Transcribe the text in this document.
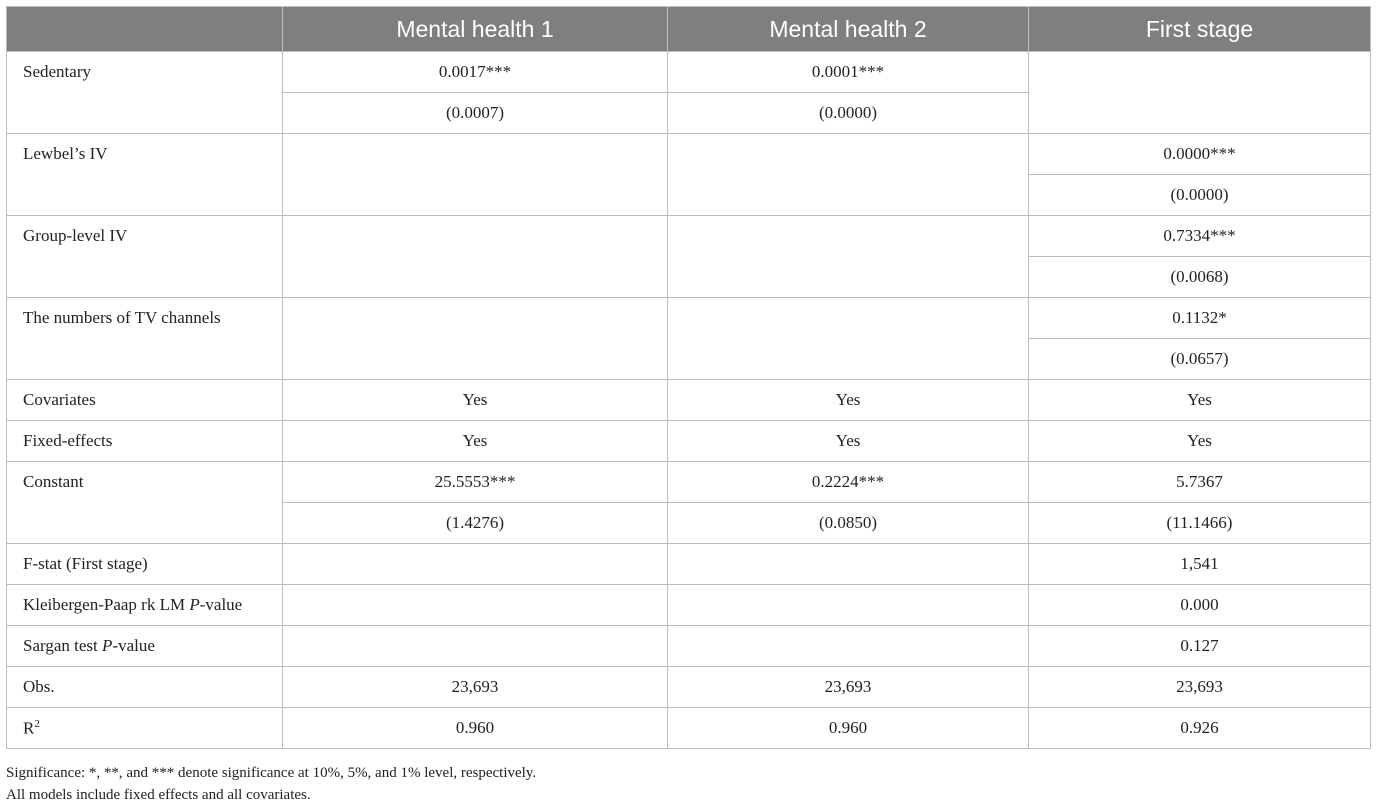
	Mental health 1	Mental health 2	First stage
Sedentary	0.0017***	0.0001***	
	(0.0007)	(0.0000)	
Lewbel’s IV			0.0000***
			(0.0000)
Group-level IV			0.7334***
			(0.0068)
The numbers of TV channels			0.1132*
			(0.0657)
Covariates	Yes	Yes	Yes
Fixed-effects	Yes	Yes	Yes
Constant	25.5553***	0.2224***	5.7367
	(1.4276)	(0.0850)	(11.1466)
F-stat (First stage)			1,541
Kleibergen-Paap rk LM P-value			0.000
Sargan test P-value			0.127
Obs.	23,693	23,693	23,693
$R^2$	0.960	0.960	0.926
Significance: *, **, and *** denote significance at 10%, 5%, and 1% level, respectively.
All models include fixed effects and all covariates.
